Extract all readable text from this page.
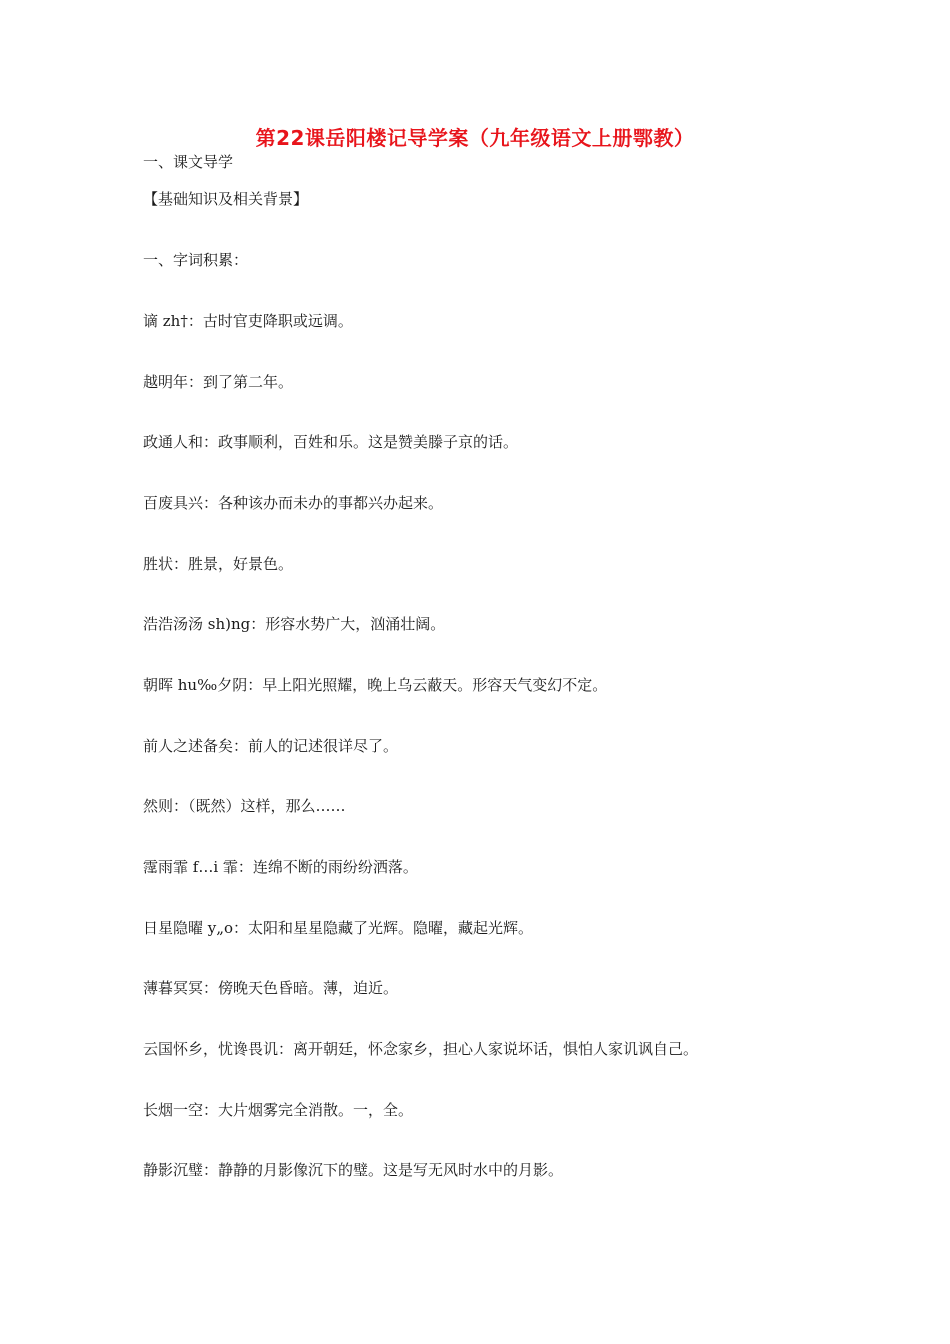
第22课岳阳楼记导学案（九年级语文上册鄂教）
一、课文导学
【基础知识及相关背景】
一、字词积累：
谪 zh†：古时官吏降职或远调。
越明年：到了第二年。
政通人和：政事顺利，百姓和乐。这是赞美滕子京的话。
百废具兴：各种该办而未办的事都兴办起来。
胜状：胜景，好景色。
浩浩汤汤 sh)ng：形容水势广大，汹涌壮阔。
朝晖 hu‰夕阴：早上阳光照耀，晚上乌云蔽天。形容天气变幻不定。
前人之述备矣：前人的记述很详尽了。
然则：（既然）这样，那么……
霪雨霏 f…i 霏：连绵不断的雨纷纷洒落。
日星隐曜 y„o：太阳和星星隐藏了光辉。隐曜，藏起光辉。
薄暮冥冥：傍晚天色昏暗。薄，迫近。
云国怀乡，忧谗畏讥：离开朝廷，怀念家乡，担心人家说坏话，惧怕人家讥讽自己。
长烟一空：大片烟雾完全消散。一，全。
静影沉璧：静静的月影像沉下的璧。这是写无风时水中的月影。
